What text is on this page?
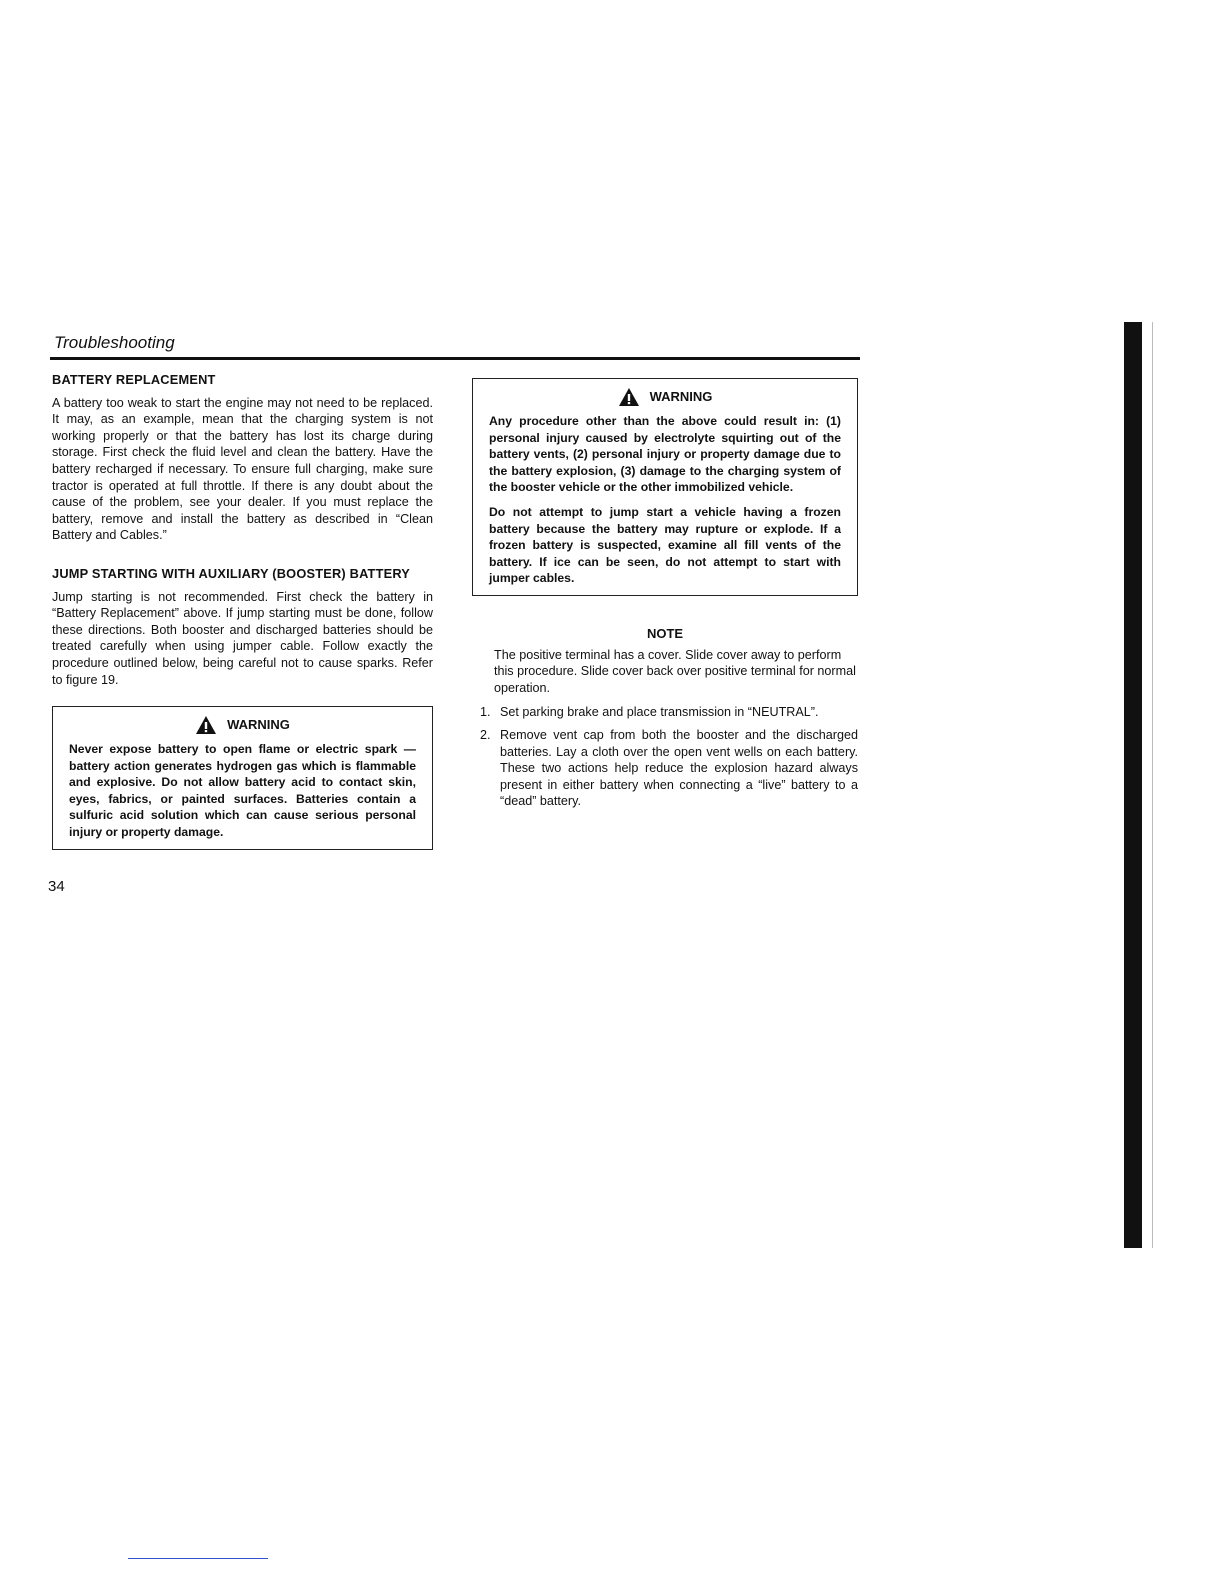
Troubleshooting
BATTERY REPLACEMENT

A battery too weak to start the engine may not need to be replaced. It may, as an example, mean that the charging system is not working properly or that the battery has lost its charge during storage. First check the fluid level and clean the battery. Have the battery recharged if necessary. To ensure full charging, make sure tractor is operated at full throttle. If there is any doubt about the cause of the problem, see your dealer. If you must replace the battery, remove and install the battery as described in “Clean Battery and Cables.”

JUMP STARTING WITH AUXILIARY (BOOSTER) BATTERY

Jump starting is not recommended. First check the battery in “Battery Replacement” above. If jump starting must be done, follow these directions. Both booster and discharged batteries should be treated carefully when using jumper cable. Follow exactly the procedure outlined below, being careful not to cause sparks. Refer to figure 19.

WARNING

Never expose battery to open flame or electric spark — battery action generates hydrogen gas which is flammable and explosive. Do not allow battery acid to contact skin, eyes, fabrics, or painted surfaces. Batteries contain a sulfuric acid solution which can cause serious personal injury or property damage.

WARNING

Any procedure other than the above could result in: (1) personal injury caused by electrolyte squirting out of the battery vents, (2) personal injury or property damage due to the battery explosion, (3) damage to the charging system of the booster vehicle or the other immobilized vehicle.

Do not attempt to jump start a vehicle having a frozen battery because the battery may rupture or explode. If a frozen battery is suspected, examine all fill vents of the battery. If ice can be seen, do not attempt to start with jumper cables.

NOTE

The positive terminal has a cover. Slide cover away to perform this procedure. Slide cover back over positive terminal for normal operation.

1. Set parking brake and place transmission in “NEUTRAL”.
2. Remove vent cap from both the booster and the discharged batteries. Lay a cloth over the open vent wells on each battery. These two actions help reduce the explosion hazard always present in either battery when connecting a “live” battery to a “dead” battery.
34
